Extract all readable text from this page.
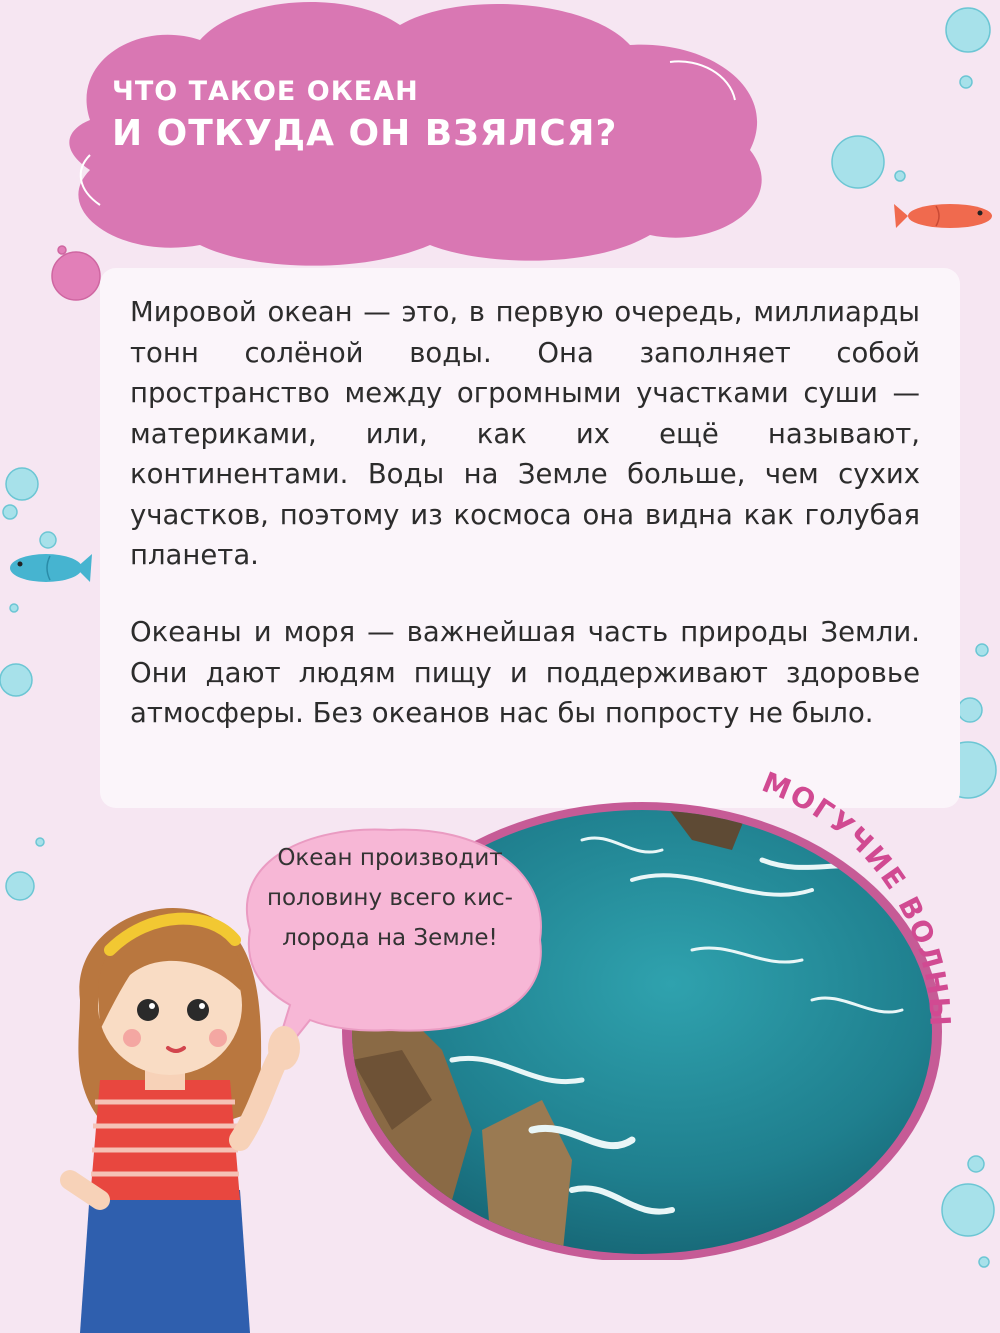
ЧТО ТАКОЕ ОКЕАН
И ОТКУДА ОН ВЗЯЛСЯ?

Мировой океан — это, в первую очередь, миллиарды тонн солёной воды. Она заполняет собой пространство между огромными участками суши — материками, или, как их ещё называют, континентами. Воды на Земле больше, чем сухих участков, поэтому из космоса она видна как голубая планета.

Океаны и моря — важнейшая часть природы Земли. Они дают людям пищу и поддерживают здоровье атмосферы. Без океанов нас бы попросту не было.

МОГУЧИЕ ВОЛНЫ
Океан производит
половину всего кис-
лорода на Земле!
